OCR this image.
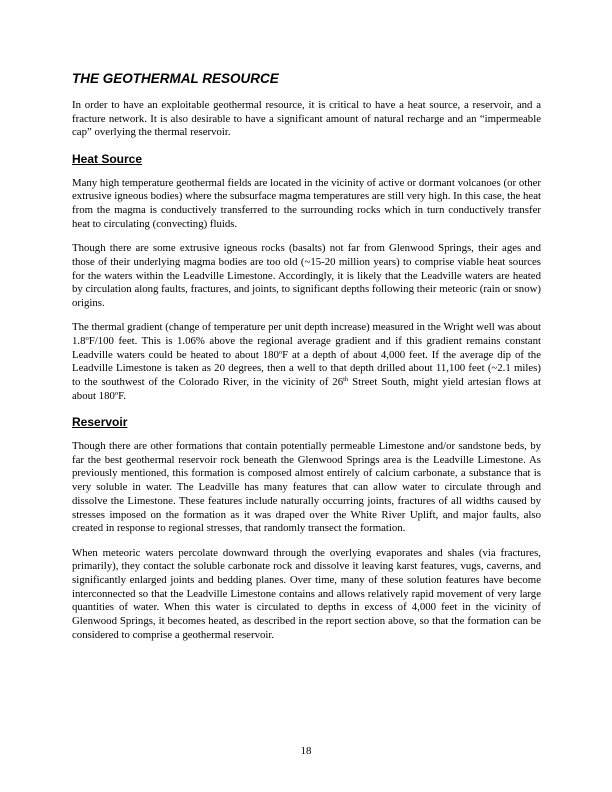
THE GEOTHERMAL RESOURCE

In order to have an exploitable geothermal resource, it is critical to have a heat source, a reservoir, and a fracture network. It is also desirable to have a significant amount of natural recharge and an “impermeable cap” overlying the thermal reservoir.

Heat Source

Many high temperature geothermal fields are located in the vicinity of active or dormant volcanoes (or other extrusive igneous bodies) where the subsurface magma temperatures are still very high. In this case, the heat from the magma is conductively transferred to the surrounding rocks which in turn conductively transfer heat to circulating (convecting) fluids.

Though there are some extrusive igneous rocks (basalts) not far from Glenwood Springs, their ages and those of their underlying magma bodies are too old (~15-20 million years) to comprise viable heat sources for the waters within the Leadville Limestone. Accordingly, it is likely that the Leadville waters are heated by circulation along faults, fractures, and joints, to significant depths following their meteoric (rain or snow) origins.

The thermal gradient (change of temperature per unit depth increase) measured in the Wright well was about 1.8$^o$F/100 feet. This is 1.06% above the regional average gradient and if this gradient remains constant Leadville waters could be heated to about 180$^o$F at a depth of about 4,000 feet. If the average dip of the Leadville Limestone is taken as 20 degrees, then a well to that depth drilled about 11,100 feet (~2.1 miles) to the southwest of the Colorado River, in the vicinity of 26th Street South, might yield artesian flows at about 180$^o$F.

Reservoir

Though there are other formations that contain potentially permeable Limestone and/or sandstone beds, by far the best geothermal reservoir rock beneath the Glenwood Springs area is the Leadville Limestone. As previously mentioned, this formation is composed almost entirely of calcium carbonate, a substance that is very soluble in water. The Leadville has many features that can allow water to circulate through and dissolve the Limestone. These features include naturally occurring joints, fractures of all widths caused by stresses imposed on the formation as it was draped over the White River Uplift, and major faults, also created in response to regional stresses, that randomly transect the formation.

When meteoric waters percolate downward through the overlying evaporates and shales (via fractures, primarily), they contact the soluble carbonate rock and dissolve it leaving karst features, vugs, caverns, and significantly enlarged joints and bedding planes. Over time, many of these solution features have become interconnected so that the Leadville Limestone contains and allows relatively rapid movement of very large quantities of water. When this water is circulated to depths in excess of 4,000 feet in the vicinity of Glenwood Springs, it becomes heated, as described in the report section above, so that the formation can be considered to comprise a geothermal reservoir.

18
